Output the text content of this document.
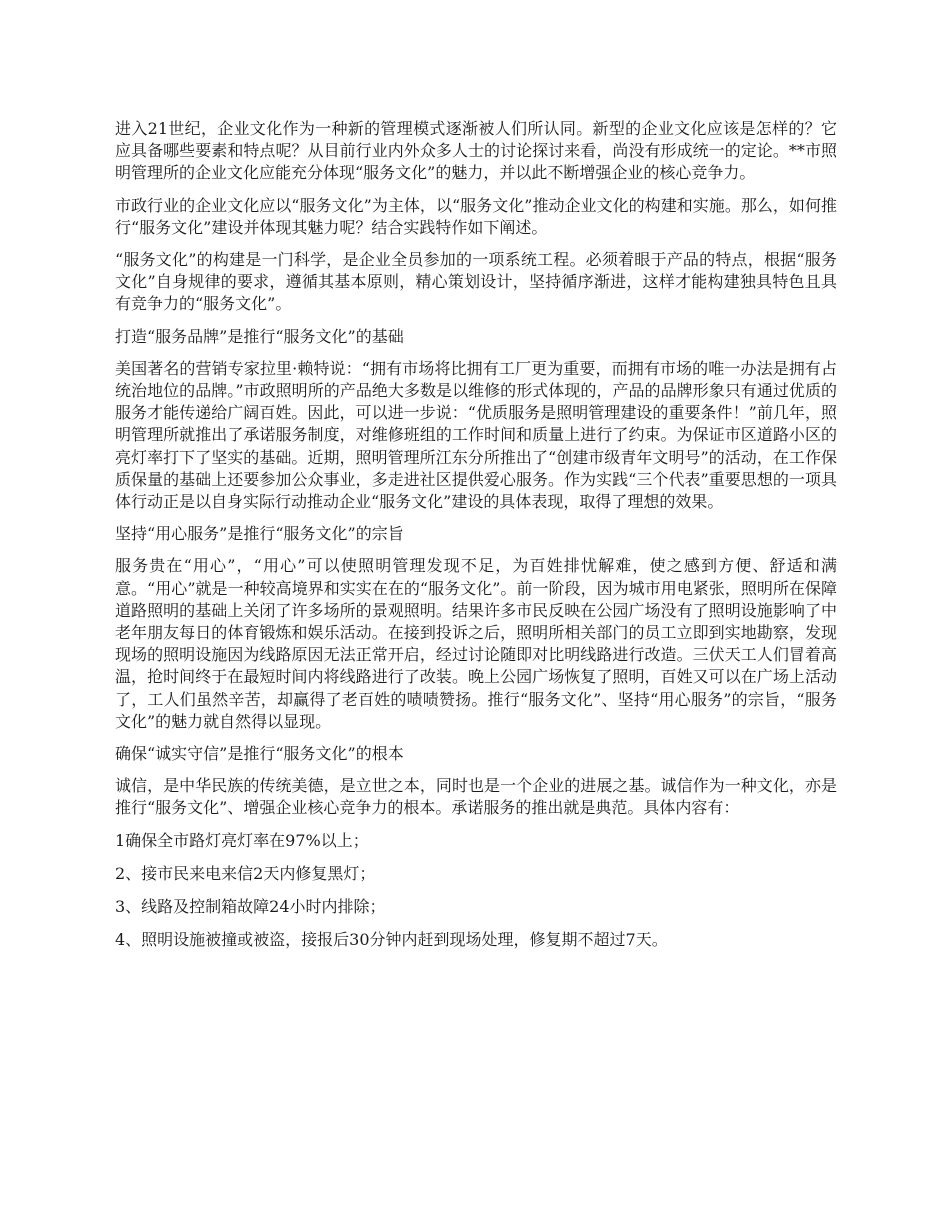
进入21世纪，企业文化作为一种新的管理模式逐渐被人们所认同。新型的企业文化应该是怎样的？它应具备哪些要素和特点呢？从目前行业内外众多人士的讨论探讨来看，尚没有形成统一的定论。**市照明管理所的企业文化应能充分体现“服务文化”的魅力，并以此不断增强企业的核心竞争力。

市政行业的企业文化应以“服务文化”为主体，以“服务文化”推动企业文化的构建和实施。那么，如何推行“服务文化”建设并体现其魅力呢？结合实践特作如下阐述。

“服务文化”的构建是一门科学，是企业全员参加的一项系统工程。必须着眼于产品的特点，根据“服务文化”自身规律的要求，遵循其基本原则，精心策划设计，坚持循序渐进，这样才能构建独具特色且具有竞争力的“服务文化”。

打造“服务品牌”是推行“服务文化”的基础

美国著名的营销专家拉里·赖特说：“拥有市场将比拥有工厂更为重要，而拥有市场的唯一办法是拥有占统治地位的品牌。”市政照明所的产品绝大多数是以维修的形式体现的，产品的品牌形象只有通过优质的服务才能传递给广阔百姓。因此，可以进一步说：“优质服务是照明管理建设的重要条件！”前几年，照明管理所就推出了承诺服务制度，对维修班组的工作时间和质量上进行了约束。为保证市区道路小区的亮灯率打下了坚实的基础。近期，照明管理所江东分所推出了“创建市级青年文明号”的活动，在工作保质保量的基础上还要参加公众事业，多走进社区提供爱心服务。作为实践“三个代表”重要思想的一项具体行动正是以自身实际行动推动企业“服务文化”建设的具体表现，取得了理想的效果。

坚持“用心服务”是推行“服务文化”的宗旨

服务贵在“用心”，“用心”可以使照明管理发现不足，为百姓排忧解难，使之感到方便、舒适和满意。“用心”就是一种较高境界和实实在在的“服务文化”。前一阶段，因为城市用电紧张，照明所在保障道路照明的基础上关闭了许多场所的景观照明。结果许多市民反映在公园广场没有了照明设施影响了中老年朋友每日的体育锻炼和娱乐活动。在接到投诉之后，照明所相关部门的员工立即到实地勘察，发现现场的照明设施因为线路原因无法正常开启，经过讨论随即对比明线路进行改造。三伏天工人们冒着高温，抢时间终于在最短时间内将线路进行了改装。晚上公园广场恢复了照明，百姓又可以在广场上活动了，工人们虽然辛苦，却赢得了老百姓的啧啧赞扬。推行“服务文化”、坚持“用心服务”的宗旨，“服务文化”的魅力就自然得以显现。

确保“诚实守信”是推行“服务文化”的根本

诚信，是中华民族的传统美德，是立世之本，同时也是一个企业的进展之基。诚信作为一种文化，亦是推行“服务文化”、增强企业核心竞争力的根本。承诺服务的推出就是典范。具体内容有：

1确保全市路灯亮灯率在97%以上；

2、接市民来电来信2天内修复黑灯；

3、线路及控制箱故障24小时内排除；

4、照明设施被撞或被盗，接报后30分钟内赶到现场处理，修复期不超过7天。
